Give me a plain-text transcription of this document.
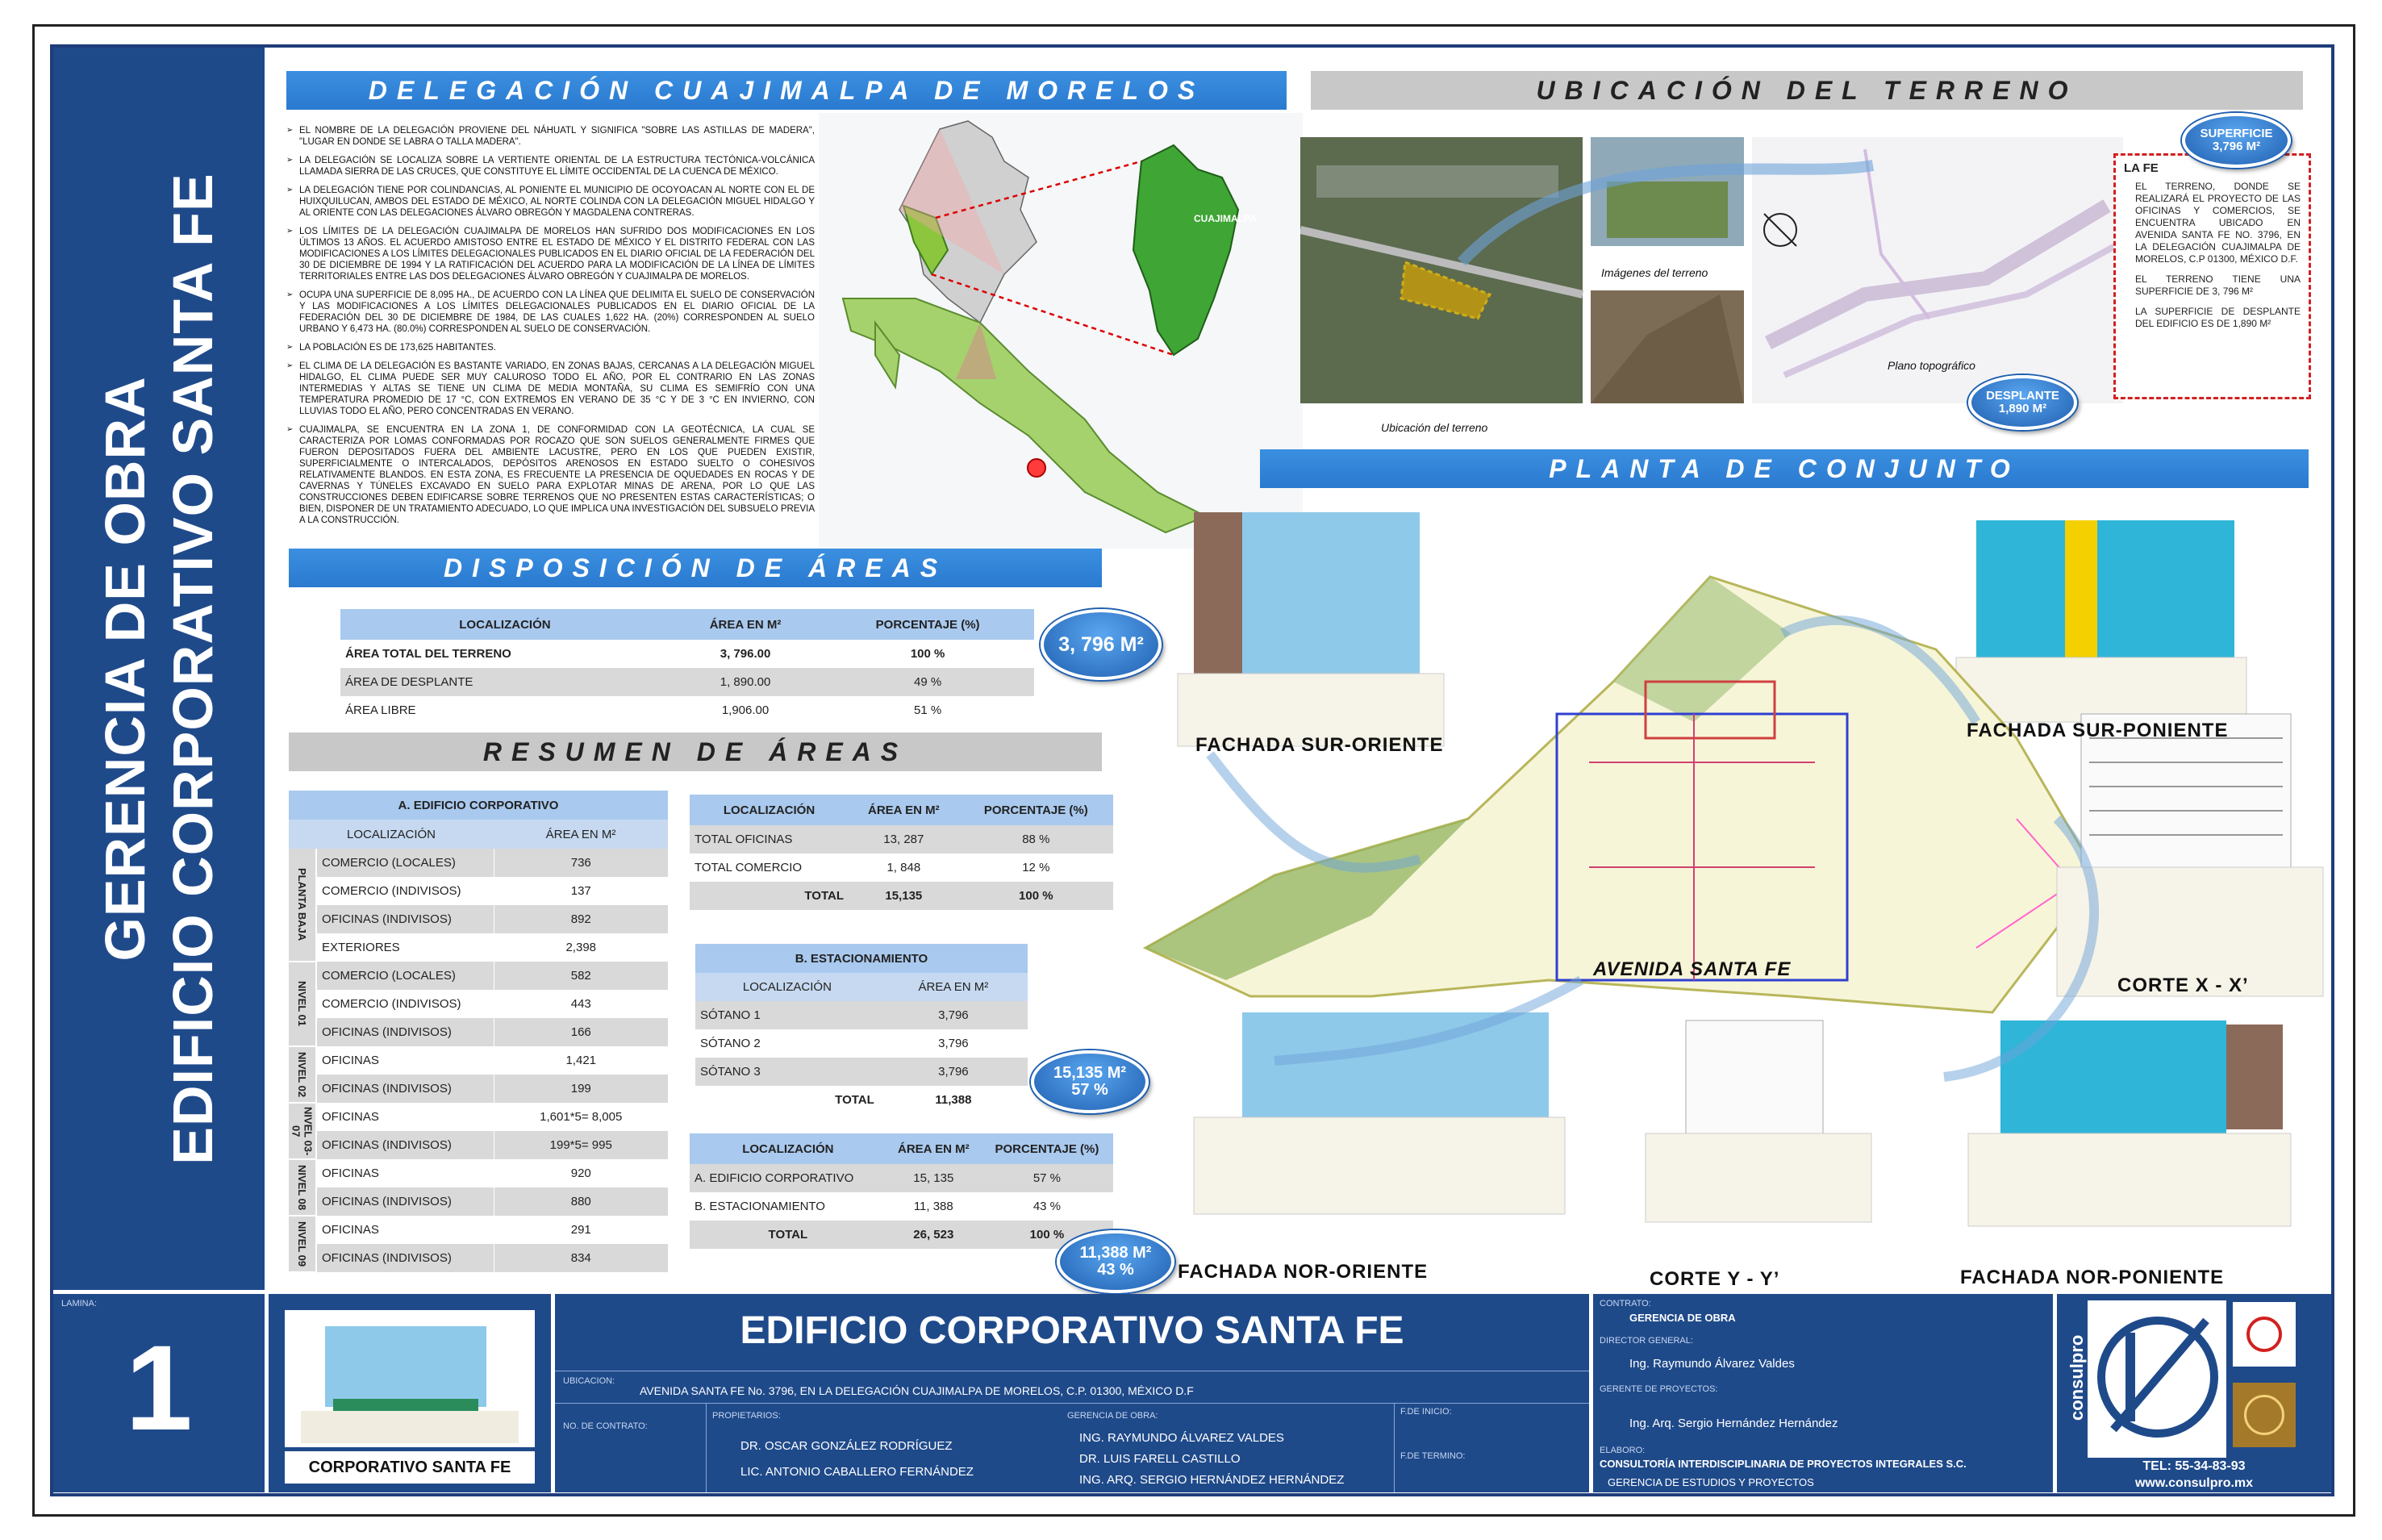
GERENCIA DE OBRA EDIFICIO CORPORATIVO SANTA FE
DELEGACIÓN CUAJIMALPA DE MORELOS
➢ EL NOMBRE DE LA DELEGACIÓN PROVIENE DEL NÁHUATL Y SIGNIFICA "SOBRE LAS ASTILLAS DE MADERA", "LUGAR EN DONDE SE LABRA O TALLA MADERA".
➢ LA DELEGACIÓN SE LOCALIZA SOBRE LA VERTIENTE ORIENTAL DE LA ESTRUCTURA TECTÓNICA-VOLCÁNICA LLAMADA SIERRA DE LAS CRUCES, QUE CONSTITUYE EL LÍMITE OCCIDENTAL DE LA CUENCA DE MÉXICO.
➢ LA DELEGACIÓN TIENE POR COLINDANCIAS, AL PONIENTE EL MUNICIPIO DE OCOYOACAN AL NORTE CON EL DE HUIXQUILUCAN, AMBOS DEL ESTADO DE MÉXICO, AL NORTE COLINDA CON LA DELEGACIÓN MIGUEL HIDALGO Y AL ORIENTE CON LAS DELEGACIONES ÁLVARO OBREGÓN Y MAGDALENA CONTRERAS.
➢ LOS LÍMITES DE LA DELEGACIÓN CUAJIMALPA DE MORELOS HAN SUFRIDO DOS MODIFICACIONES EN LOS ÚLTIMOS 13 AÑOS. EL ACUERDO AMISTOSO ENTRE EL ESTADO DE MÉXICO Y EL DISTRITO FEDERAL CON LAS MODIFICACIONES A LOS LÍMITES DELEGACIONALES PUBLICADOS EN EL DIARIO OFICIAL DE LA FEDERACIÓN DEL 30 DE DICIEMBRE DE 1994 Y LA RATIFICACIÓN DEL ACUERDO PARA LA MODIFICACIÓN DE LA LÍNEA DE LÍMITES TERRITORIALES ENTRE LAS DOS DELEGACIONES ÁLVARO OBREGÓN Y CUAJIMALPA DE MORELOS.
➢ OCUPA UNA SUPERFICIE DE 8,095 HA., DE ACUERDO CON LA LÍNEA QUE DELIMITA EL SUELO DE CONSERVACIÓN Y LAS MODIFICACIONES A LOS LÍMITES DELEGACIONALES PUBLICADOS EN EL DIARIO OFICIAL DE LA FEDERACIÓN DEL 30 DE DICIEMBRE DE 1984, DE LAS CUALES 1,622 HA. (20%) CORRESPONDEN AL SUELO URBANO Y 6,473 HA. (80.0%) CORRESPONDEN AL SUELO DE CONSERVACIÓN.
➢ LA POBLACIÓN ES DE 173,625 HABITANTES.
➢ EL CLIMA DE LA DELEGACIÓN ES BASTANTE VARIADO, EN ZONAS BAJAS, CERCANAS A LA DELEGACIÓN MIGUEL HIDALGO, EL CLIMA PUEDE SER MUY CALUROSO TODO EL AÑO, POR EL CONTRARIO EN LAS ZONAS INTERMEDIAS Y ALTAS SE TIENE UN CLIMA DE MEDIA MONTAÑA, SU CLIMA ES SEMIFRÍO CON UNA TEMPERATURA PROMEDIO DE 17 °C, CON EXTREMOS EN VERANO DE 35 °C Y DE 3 °C EN INVIERNO, CON LLUVIAS TODO EL AÑO, PERO CONCENTRADAS EN VERANO.
➢ CUAJIMALPA, SE ENCUENTRA EN LA ZONA 1, DE CONFORMIDAD CON LA GEOTÉCNICA, LA CUAL SE CARACTERIZA POR LOMAS CONFORMADAS POR ROCAZO QUE SON SUELOS GENERALMENTE FIRMES QUE FUERON DEPOSITADOS FUERA DEL AMBIENTE LACUSTRE, PERO EN LOS QUE PUEDEN EXISTIR, SUPERFICIALMENTE O INTERCALADOS, DEPÓSITOS ARENOSOS EN ESTADO SUELTO O COHESIVOS RELATIVAMENTE BLANDOS. EN ESTA ZONA, ES FRECUENTE LA PRESENCIA DE OQUEDADES EN ROCAS Y DE CAVERNAS Y TÚNELES EXCAVADO EN SUELO PARA EXPLOTAR MINAS DE ARENA, POR LO QUE LAS CONSTRUCCIONES DEBEN EDIFICARSE SOBRE TERRENOS QUE NO PRESENTEN ESTAS CARACTERÍSTICAS; O BIEN, DISPONER DE UN TRATAMIENTO ADECUADO, LO QUE IMPLICA UNA INVESTIGACIÓN DEL SUBSUELO PREVIA A LA CONSTRUCCIÓN.
CUAJIMALPA
DISPOSICIÓN DE ÁREAS
LOCALIZACIÓN	ÁREA EN M²	PORCENTAJE (%)
ÁREA TOTAL DEL TERRENO	3, 796.00	100 %
ÁREA DE DESPLANTE	1, 890.00	49 %
ÁREA LIBRE	1,906.00	51 %
3, 796 M²
RESUMEN DE ÁREAS
A. EDIFICIO CORPORATIVO		
LOCALIZACIÓN		ÁREA EN M²

PLANTA BAJA	COMERCIO (LOCALES)	736
	COMERCIO (INDIVISOS)	137
	OFICINAS (INDIVISOS)	892
	EXTERIORES	2,398

NIVEL 01	COMERCIO (LOCALES)	582
	COMERCIO (INDIVISOS)	443
	OFICINAS (INDIVISOS)	166

NIVEL 02	OFICINAS	1,421
	OFICINAS (INDIVISOS)	199

NIVEL 03-07	OFICINAS	1,601*5= 8,005
	OFICINAS (INDIVISOS)	199*5= 995

NIVEL 08	OFICINAS	920
	OFICINAS (INDIVISOS)	880

NIVEL 09	OFICINAS	291
	OFICINAS (INDIVISOS)	834
LOCALIZACIÓN	ÁREA EN M²	PORCENTAJE (%)
TOTAL OFICINAS	13, 287	88 %
TOTAL COMERCIO	1, 848	12 %
TOTAL	15,135	100 %
B. ESTACIONAMIENTO	
LOCALIZACIÓN	ÁREA EN M²
SÓTANO 1	3,796
SÓTANO 2	3,796
SÓTANO 3	3,796
TOTAL	11,388
15,135 M²
57 %
LOCALIZACIÓN	ÁREA EN M²	PORCENTAJE (%)
A. EDIFICIO CORPORATIVO	15, 135	57 %
B. ESTACIONAMIENTO	11, 388	43 %
TOTAL	26, 523	100 %
11,388 M²
43 %
UBICACIÓN DEL TERRENO
Imágenes del terreno
Ubicación del terreno
Plano topográfico
LA FE
EL TERRENO, DONDE SE REALIZARÁ EL PROYECTO DE LAS OFICINAS Y COMERCIOS, SE ENCUENTRA UBICADO EN AVENIDA SANTA FE NO. 3796, EN LA DELEGACIÓN CUAJIMALPA DE MORELOS, C.P 01300, MÉXICO D.F.
EL TERRENO TIENE UNA SUPERFICIE DE 3, 796 M²
LA SUPERFICIE DE DESPLANTE DEL EDIFICIO ES DE 1,890 M²
SUPERFICIE
3,796 M²
DESPLANTE
1,890 M²
PLANTA DE CONJUNTO
FACHADA SUR-ORIENTE
FACHADA SUR-PONIENTE
AVENIDA SANTA FE
CORTE X - X’
FACHADA NOR-ORIENTE	CORTE Y - Y’	FACHADA NOR-PONIENTE
LAMINA:
1
CORPORATIVO SANTA FE
EDIFICIO CORPORATIVO SANTA FE
UBICACION:
AVENIDA SANTA FE No. 3796, EN LA DELEGACIÓN CUAJIMALPA DE MORELOS, C.P. 01300, MÉXICO D.F
NO. DE CONTRATO:
PROPIETARIOS:
DR. OSCAR GONZÁLEZ RODRÍGUEZ
LIC. ANTONIO CABALLERO FERNÁNDEZ
GERENCIA DE OBRA:
ING. RAYMUNDO ÁLVAREZ VALDES
DR. LUIS FARELL CASTILLO
ING. ARQ. SERGIO HERNÁNDEZ HERNÁNDEZ
F.DE INICIO:
F.DE TERMINO:
CONTRATO:
GERENCIA DE OBRA
DIRECTOR GENERAL:
Ing. Raymundo Álvarez Valdes
GERENTE DE PROYECTOS:
Ing. Arq. Sergio Hernández Hernández
ELABORO:
CONSULTORÍA INTERDISCIPLINARIA DE PROYECTOS INTEGRALES S.C.
GERENCIA DE ESTUDIOS Y PROYECTOS
consulpro
TEL: 55-34-83-93
www.consulpro.mx
